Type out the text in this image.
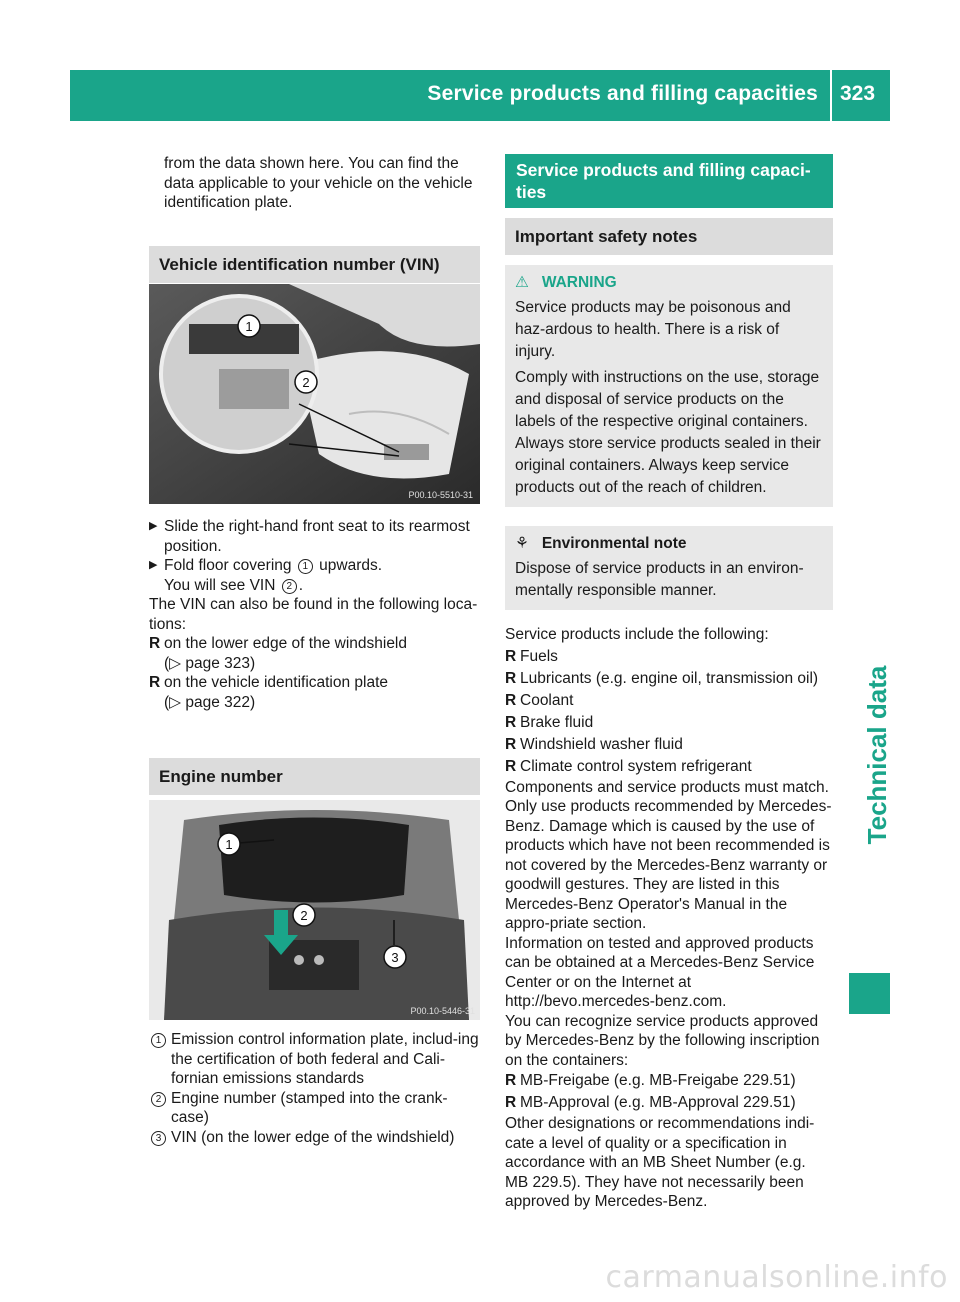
Service products and filling capacities 323
Technical data

from the data shown here. You can find the data applicable to your vehicle on the vehicle identification plate.

Vehicle identification number (VIN)
1
2
P00.10-5510-31

▶ Slide the right-hand front seat to its rearmost position.

▶ Fold floor covering 1 upwards.
You will see VIN 2 .

The VIN can also be found in the following loca-tions:

R on the lower edge of the windshield
(▷ page 323)

R on the vehicle identification plate
(▷ page 322)

Engine number
1
2
3
P00.10-5446-31

1 Emission control information plate, includ-ing the certification of both federal and Cali-fornian emissions standards

2 Engine number (stamped into the crank-case)

3 VIN (on the lower edge of the windshield)

Service products and filling capaci-ties
Important safety notes
⚠ WARNING

Service products may be poisonous and haz-ardous to health. There is a risk of injury.

Comply with instructions on the use, storage and disposal of service products on the labels of the respective original containers. Always store service products sealed in their original containers. Always keep service products out of the reach of children.

⚘ Environmental note

Dispose of service products in an environ-mentally responsible manner.

Service products include the following:

R Fuels

R Lubricants (e.g. engine oil, transmission oil)

R Coolant

R Brake fluid

R Windshield washer fluid

R Climate control system refrigerant

Components and service products must match. Only use products recommended by Mercedes-Benz. Damage which is caused by the use of products which have not been recommended is not covered by the Mercedes-Benz warranty or goodwill gestures. They are listed in this Mercedes-Benz Operator's Manual in the appro-priate section.

Information on tested and approved products can be obtained at a Mercedes-Benz Service Center or on the Internet at http://bevo.mercedes-benz.com.

You can recognize service products approved by Mercedes-Benz by the following inscription on the containers:

R MB-Freigabe (e.g. MB-Freigabe 229.51)

R MB-Approval (e.g. MB-Approval 229.51)

Other designations or recommendations indi-cate a level of quality or a specification in accordance with an MB Sheet Number (e.g. MB 229.5). They have not necessarily been approved by Mercedes-Benz.

carmanualsonline.info
